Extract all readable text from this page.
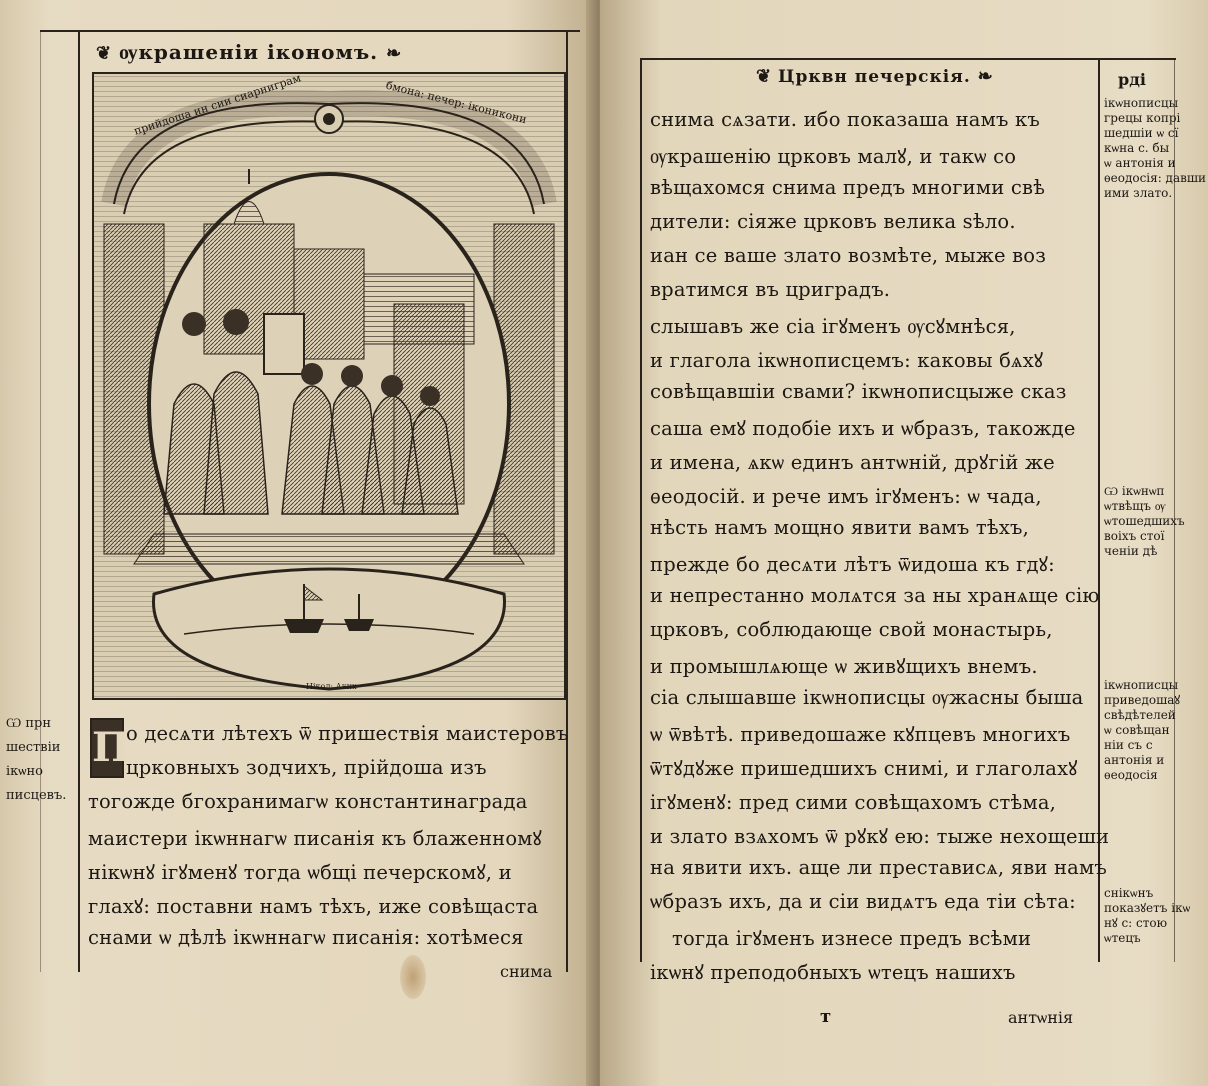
❦ ѹкрашеніи ікономъ. ❧
прийдоша ин сии сиарниграм	бмона: печер: іконикони
Нікол: Аких
Ѡ прн
шествіи
ікѡно
писцевъ.
П
о десѧти лѣтехъ ѿ пришествія маистеровъ
црковныхъ зодчихъ, прійдоша изъ
тогожде бгохранимагѡ константинаграда
маистери ікѡннагѡ писанія къ блаженномꙋ
нікѡнꙋ ігꙋменꙋ тогда ѡбщі печерскомꙋ, и
глахꙋ: поставни намъ тѣхъ, иже совѣщаста
снами ѡ дѣлѣ ікѡннагѡ писанія: хотѣмеся
снима
❦ Црквн печерскія. ❧	рді
снима сѧзати. ибо показаша намъ къ
ѹкрашенію црковъ малꙋ, и такѡ со
вѣщахомся снима предъ многими свѣ
дители: сіяже црковъ велика ѕѣло.
иан се ваше злато возмѣте, мыже воз
вратимся въ цриградъ.
слышавъ же сіа ігꙋменъ ѹсꙋмнѣся,
и глагола ікѡнописцемъ: каковы бѧхꙋ
совѣщавшіи свами? ікѡнописцыже сказ
саша емꙋ подобіе ихъ и ѡбразъ, такожде
и имена, ѧкѡ единъ антѡній, дрꙋгій же
ѳеодосій. и рече имъ ігꙋменъ: ѡ чада,
нѣсть намъ мощно явити вамъ тѣхъ,
прежде бо десѧти лѣтъ ѿидоша къ гдꙋ:
и непрестанно молѧтся за ны хранѧще сію
црковъ, соблюдающе свой монастырь,
и промышлѧюще ѡ живꙋщихъ внемъ.
сіа слышавше ікѡнописцы ѹжасны быша
ѡ ѿвѣтѣ. приведошаже кꙋпцевъ многихъ
ѿтꙋдꙋже пришедшихъ снимі, и глаголахꙋ
ігꙋменꙋ: пред сими совѣщахомъ стѣма,
и злато взѧхомъ ѿ рꙋкꙋ ею: тыже нехощеши
на явити ихъ. аще ли престависѧ, яви намъ
ѡбразъ ихъ, да и сіи видѧтъ еда тіи сѣта:
тогда ігꙋменъ изнесе предъ всѣми
ікѡнꙋ преподобныхъ ѡтецъ нашихъ
ікѡнописцы
грецы копрі
шедшіи ѡ сї
кѡна с. бы
ѡ антонія и
ѳеодосія: давши
ими злато.
Ѡ ікѡнѡп
ѡтвѣщъ ѹ
ѡтошедшихъ
воіхъ стої
ченіи дѣ
ікѡнописцы
приведошаꙋ
свѣдѣтелей
ѡ совѣщан
ніи съ с
антонія и
ѳеодосія
снікѡнъ
показꙋетъ ікѡ
нꙋ с: стою
ѡтецъ
т	антѡнія
